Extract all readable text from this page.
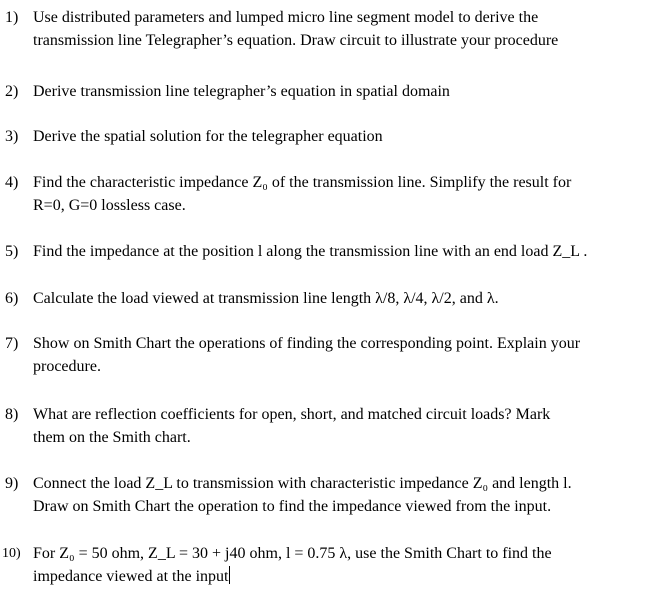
1) Use distributed parameters and lumped micro line segment model to derive the
transmission line Telegrapher’s equation. Draw circuit to illustrate your procedure
2) Derive transmission line telegrapher’s equation in spatial domain
3) Derive the spatial solution for the telegrapher equation
4) Find the characteristic impedance Z₀ of the transmission line. Simplify the result for
R=0, G=0 lossless case.
5) Find the impedance at the position l along the transmission line with an end load Z_L .
6) Calculate the load viewed at transmission line length λ/8, λ/4, λ/2, and λ.
7) Show on Smith Chart the operations of finding the corresponding point. Explain your
procedure.
8) What are reflection coefficients for open, short, and matched circuit loads? Mark
them on the Smith chart.
9) Connect the load Z_L to transmission with characteristic impedance Z₀ and length l.
Draw on Smith Chart the operation to find the impedance viewed from the input.
10) For Z₀ = 50 ohm, Z_L = 30 + j40 ohm, l = 0.75 λ, use the Smith Chart to find the
impedance viewed at the input
